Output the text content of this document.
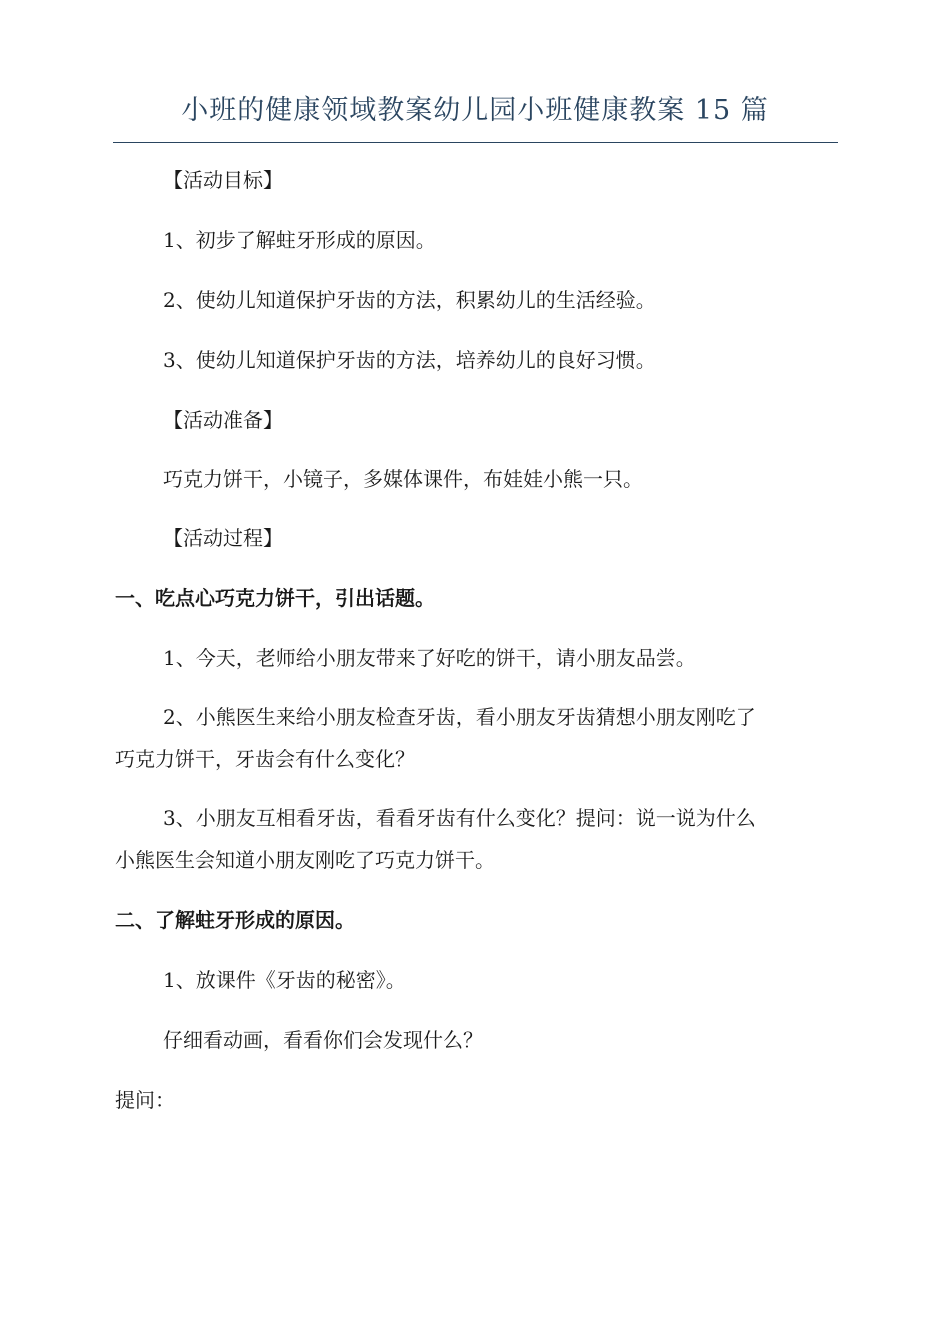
小班的健康领域教案幼儿园小班健康教案 15 篇
【活动目标】
1、初步了解蛀牙形成的原因。
2、使幼儿知道保护牙齿的方法，积累幼儿的生活经验。
3、使幼儿知道保护牙齿的方法，培养幼儿的良好习惯。
【活动准备】
巧克力饼干，小镜子，多媒体课件，布娃娃小熊一只。
【活动过程】
一、吃点心巧克力饼干，引出话题。
1、今天，老师给小朋友带来了好吃的饼干，请小朋友品尝。
2、小熊医生来给小朋友检查牙齿，看小朋友牙齿猜想小朋友刚吃了
巧克力饼干，牙齿会有什么变化？
3、小朋友互相看牙齿，看看牙齿有什么变化？提问：说一说为什么
小熊医生会知道小朋友刚吃了巧克力饼干。
二、了解蛀牙形成的原因。
1、放课件《牙齿的秘密》。
仔细看动画，看看你们会发现什么？
提问：
